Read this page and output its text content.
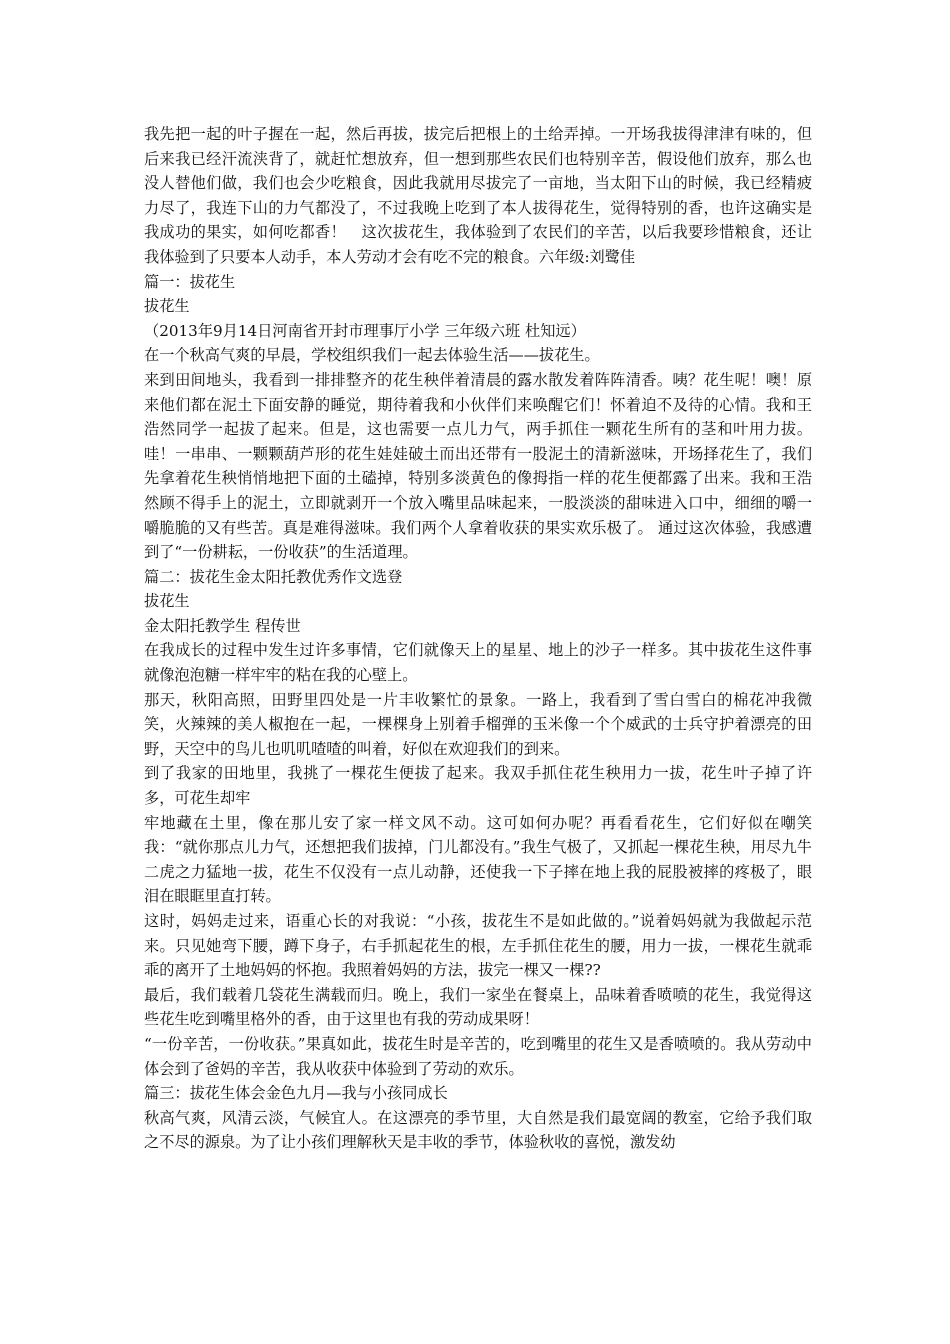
我先把一起的叶子握在一起，然后再拔，拔完后把根上的土给弄掉。一开场我拔得津津有味的，但后来我已经汗流浃背了，就赶忙想放弃，但一想到那些农民们也特别辛苦，假设他们放弃，那么也没人替他们做，我们也会少吃粮食，因此我就用尽拔完了一亩地，当太阳下山的时候，我已经精疲力尽了，我连下山的力气都没了，不过我晚上吃到了本人拔得花生，觉得特别的香，也许这确实是我成功的果实，如何吃都香！　这次拔花生，我体验到了农民们的辛苦，以后我要珍惜粮食，还让我体验到了只要本人动手，本人劳动才会有吃不完的粮食。六年级:刘鹭佳

篇一：拔花生

拔花生

（2013年9月14日河南省开封市理事厅小学 三年级六班 杜知远）

在一个秋高气爽的早晨，学校组织我们一起去体验生活——拔花生。

来到田间地头，我看到一排排整齐的花生秧伴着清晨的露水散发着阵阵清香。咦？花生呢！噢！原来他们都在泥土下面安静的睡觉，期待着我和小伙伴们来唤醒它们！怀着迫不及待的心情。我和王浩然同学一起拔了起来。但是，这也需要一点儿力气，两手抓住一颗花生所有的茎和叶用力拔。哇！一串串、一颗颗葫芦形的花生娃娃破土而出还带有一股泥土的清新滋味，开场择花生了，我们先拿着花生秧悄悄地把下面的土磕掉，特别多淡黄色的像拇指一样的花生便都露了出来。我和王浩然顾不得手上的泥土，立即就剥开一个放入嘴里品味起来，一股淡淡的甜味进入口中，细细的嚼一嚼脆脆的又有些苦。真是难得滋味。我们两个人拿着收获的果实欢乐极了。 通过这次体验，我感遭到了“一份耕耘，一份收获”的生活道理。

篇二：拔花生金太阳托教优秀作文选登

拔花生

金太阳托教学生 程传世

在我成长的过程中发生过许多事情，它们就像天上的星星、地上的沙子一样多。其中拔花生这件事就像泡泡糖一样牢牢的粘在我的心壁上。

那天，秋阳高照，田野里四处是一片丰收繁忙的景象。一路上，我看到了雪白雪白的棉花冲我微笑，火辣辣的美人椒抱在一起，一棵棵身上别着手榴弹的玉米像一个个威武的士兵守护着漂亮的田野，天空中的鸟儿也叽叽喳喳的叫着，好似在欢迎我们的到来。

到了我家的田地里，我挑了一棵花生便拔了起来。我双手抓住花生秧用力一拔，花生叶子掉了许多，可花生却牢

牢地藏在土里，像在那儿安了家一样文风不动。这可如何办呢？再看看花生，它们好似在嘲笑我：“就你那点儿力气，还想把我们拔掉，门儿都没有。”我生气极了，又抓起一棵花生秧，用尽九牛二虎之力猛地一拔，花生不仅没有一点儿动静，还使我一下子摔在地上我的屁股被摔的疼极了，眼泪在眼眶里直打转。

这时，妈妈走过来，语重心长的对我说：“小孩，拔花生不是如此做的。”说着妈妈就为我做起示范来。只见她弯下腰，蹲下身子，右手抓起花生的根，左手抓住花生的腰，用力一拔，一棵花生就乖乖的离开了土地妈妈的怀抱。我照着妈妈的方法，拔完一棵又一棵??

最后，我们载着几袋花生满载而归。晚上，我们一家坐在餐桌上，品味着香喷喷的花生，我觉得这些花生吃到嘴里格外的香，由于这里也有我的劳动成果呀！

“一份辛苦，一份收获。”果真如此，拔花生时是辛苦的，吃到嘴里的花生又是香喷喷的。我从劳动中体会到了爸妈的辛苦，我从收获中体验到了劳动的欢乐。

篇三：拔花生体会金色九月—我与小孩同成长

秋高气爽，风清云淡，气候宜人。在这漂亮的季节里，大自然是我们最宽阔的教室，它给予我们取之不尽的源泉。为了让小孩们理解秋天是丰收的季节，体验秋收的喜悦，激发幼
